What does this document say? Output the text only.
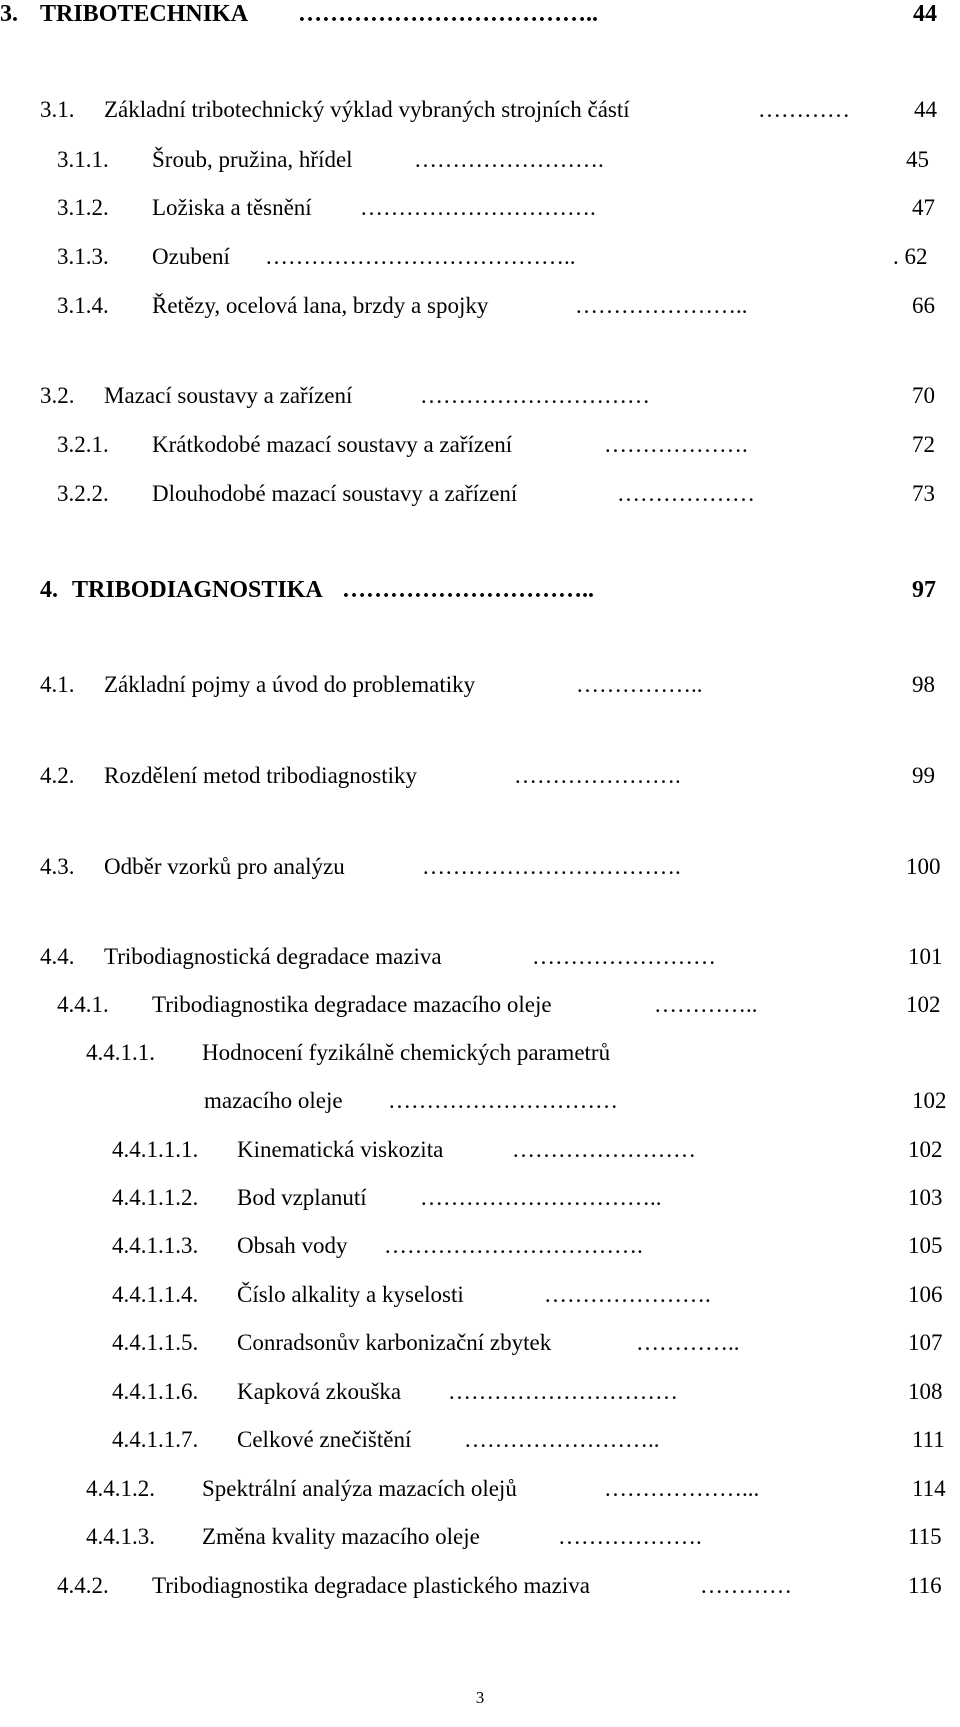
3. TRIBOTECHNIKA ………………………………..	44
3.1. Základní tribotechnický výklad vybraných strojních částí	…………	44
3.1.1. Šroub, pružina, hřídel	…………………….	45
3.1.2. Ložiska a těsnění ………………………….	47
3.1.3. Ozubení …………………………………..	. 62
3.1.4. Řetězy, ocelová lana, brzdy a spojky	…………………..	66
3.2. Mazací soustavy a zařízení	…………………………	70
3.2.1. Krátkodobé mazací soustavy a zařízení	……………….	72
3.2.2. Dlouhodobé mazací soustavy a zařízení	………………	73
4. TRIBODIAGNOSTIKA …………………………..	97
4.1. Základní pojmy a úvod do problematiky	……………..	98
4.2. Rozdělení metod tribodiagnostiky	………………….	99
4.3. Odběr vzorků pro analýzu	…………………………….	100
4.4. Tribodiagnostická degradace maziva	……………………	101
4.4.1. Tribodiagnostika degradace mazacího oleje	…………..	102
4.4.1.1. Hodnocení fyzikálně chemických parametrů
mazacího oleje …………………………	102
4.4.1.1.1. Kinematická viskozita	……………………	102
4.4.1.1.2. Bod vzplanutí …………………………..	103
4.4.1.1.3. Obsah vody …………………………….	105
4.4.1.1.4. Číslo alkality a kyselosti	………………….	106
4.4.1.1.5. Conradsonův karbonizační zbytek	…………..	107
4.4.1.1.6. Kapková zkouška …………………………	108
4.4.1.1.7. Celkové znečištění ……………………..	111
4.4.1.2. Spektrální analýza mazacích olejů	………………...	114
4.4.1.3. Změna kvality mazacího oleje	……………….	115
4.4.2. Tribodiagnostika degradace plastického maziva	…………	116
3
